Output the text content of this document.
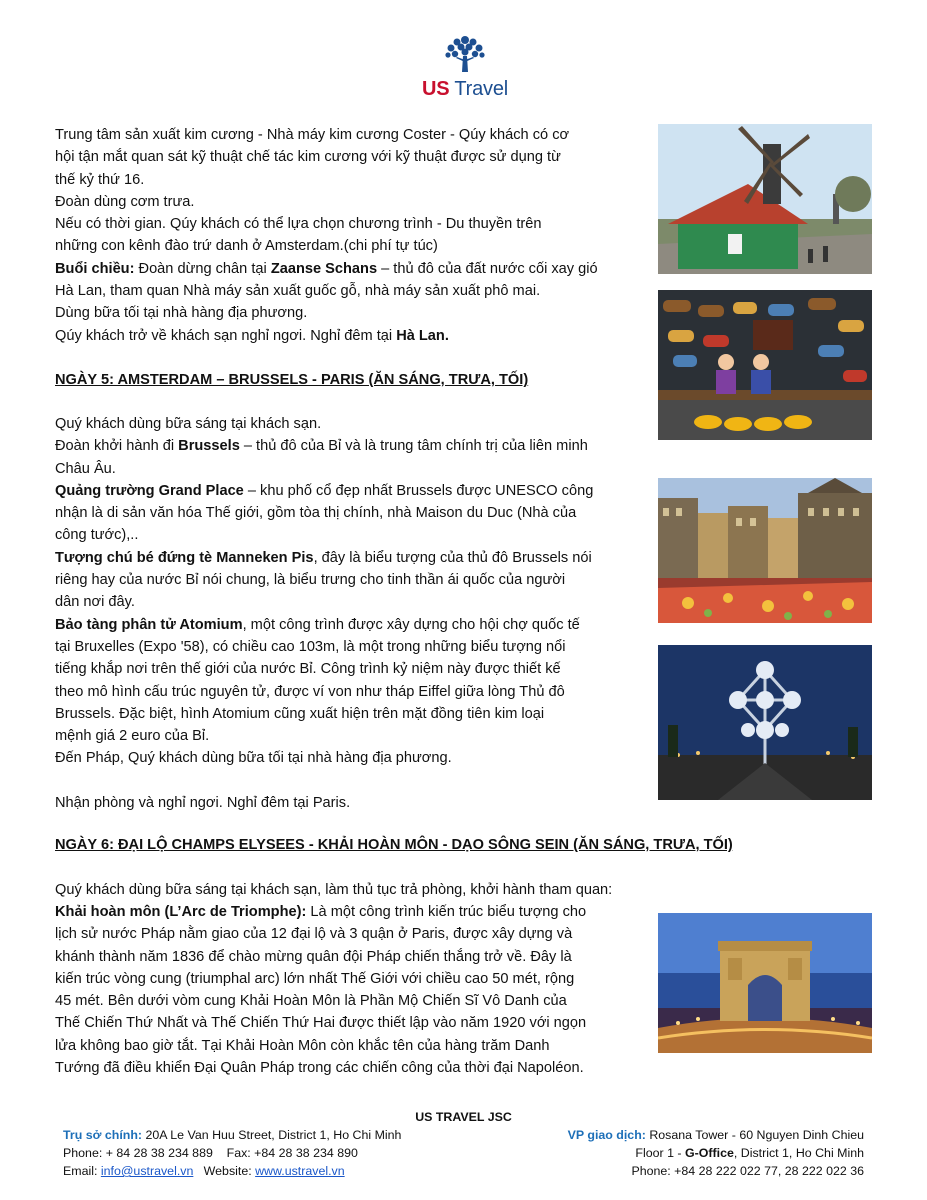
US Travel

Trung tâm sản xuất kim cương - Nhà máy kim cương Coster - Qúy khách có cơ

hội tận mắt quan sát kỹ thuật chế tác kim cương với kỹ thuật được sử dụng từ

thế kỷ thứ 16.

Đoàn dùng cơm trưa.

Nếu có thời gian. Qúy khách có thể lựa chọn chương trình - Du thuyền trên

những con kênh đào trứ danh ở Amsterdam.(chi phí tự túc)

Buổi chiều: Đoàn dừng chân tại Zaanse Schans – thủ đô của đất nước cối xay gió

Hà Lan, tham quan Nhà máy sản xuất guốc gỗ, nhà máy sản xuất phô mai.

Dùng bữa tối tại nhà hàng địa phương.

Qúy khách trở về khách sạn nghỉ ngơi. Nghỉ đêm tại Hà Lan.

NGÀY 5: AMSTERDAM – BRUSSELS - PARIS (ĂN SÁNG, TRƯA, TỐI)

Quý khách dùng bữa sáng tại khách sạn.

Đoàn khởi hành đi Brussels – thủ đô của Bỉ và là trung tâm chính trị của liên minh

Châu Âu.

Quảng trường Grand Place – khu phố cổ đẹp nhất Brussels được UNESCO công

nhận là di sản văn hóa Thế giới, gồm tòa thị chính, nhà Maison du Duc (Nhà của

công tước),..

Tượng chú bé đứng tè Manneken Pis, đây là biểu tượng của thủ đô Brussels nói

riêng hay của nước Bỉ nói chung, là biểu trưng cho tinh thần ái quốc của người

dân nơi đây.

Bảo tàng phân tử Atomium, một công trình được xây dựng cho hội chợ quốc tế

tại Bruxelles (Expo '58), có chiều cao 103m, là một trong những biểu tượng nổi

tiếng khắp nơi trên thế giới của nước Bỉ. Công trình kỷ niệm này được thiết kế

theo mô hình cấu trúc nguyên tử, được ví von như tháp Eiffel giữa lòng Thủ đô

Brussels. Đặc biệt, hình Atomium cũng xuất hiện trên mặt đồng tiên kim loại

mệnh giá 2 euro của Bỉ.

Đến Pháp, Quý khách dùng bữa tối tại nhà hàng địa phương.

Nhận phòng và nghỉ ngơi. Nghỉ đêm tại Paris.

NGÀY 6: ĐẠI LỘ CHAMPS ELYSEES - KHẢI HOÀN MÔN - DẠO SÔNG SEIN (ĂN SÁNG, TRƯA, TỐI)
Quý khách dùng bữa sáng tại khách sạn, làm thủ tục trả phòng, khởi hành tham quan:

Khải hoàn môn (L’Arc de Triomphe): Là một công trình kiến trúc biểu tượng cho

lịch sử nước Pháp nằm giao của 12 đại lộ và 3 quận ở Paris, được xây dựng và

khánh thành năm 1836 để chào mừng quân đội Pháp chiến thắng trở về. Đây là

kiến trúc vòng cung (triumphal arc) lớn nhất Thế Giới với chiều cao 50 mét, rộng

45 mét. Bên dưới vòm cung Khải Hoàn Môn là Phần Mộ Chiến Sĩ Vô Danh của

Thế Chiến Thứ Nhất và Thế Chiến Thứ Hai được thiết lập vào năm 1920 với ngọn

lửa không bao giờ tắt. Tại Khải Hoàn Môn còn khắc tên của hàng trăm Danh

Tướng đã điều khiển Đại Quân Pháp trong các chiến công của thời đại Napoléon.

US TRAVEL JSC
Trụ sở chính: 20A Le Van Huu Street, District 1, Ho Chi Minh
Phone: + 84 28 38 234 889    Fax: +84 28 38 234 890
Email: info@ustravel.vn   Website: www.ustravel.vn
VP giao dịch: Rosana Tower - 60 Nguyen Dinh Chieu
Floor 1 - G-Office, District 1, Ho Chi Minh
Phone: +84 28 222 022 77, 28 222 022 36
